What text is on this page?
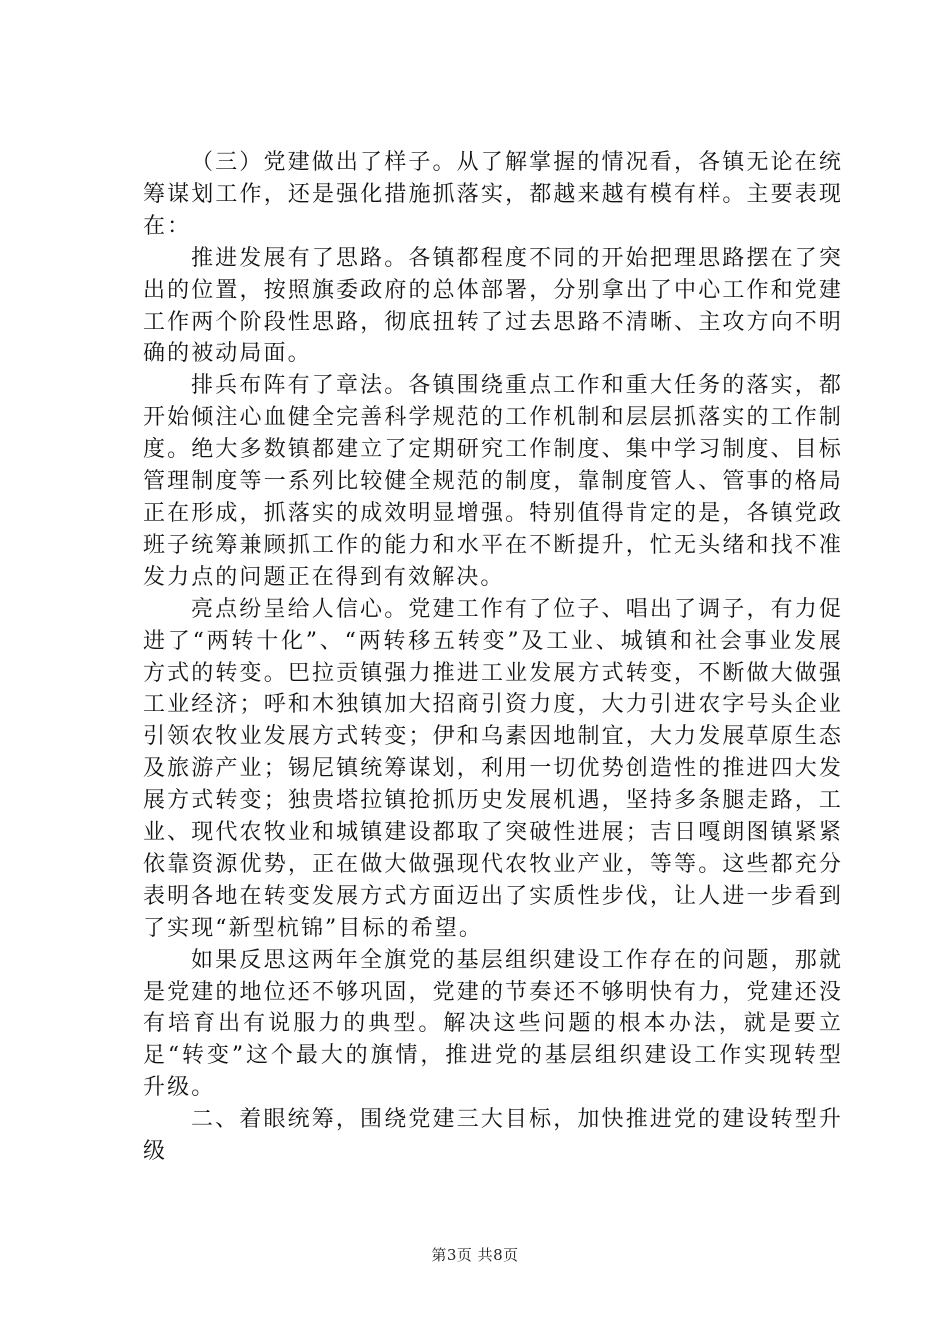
（三）党建做出了样子。从了解掌握的情况看，各镇无论在统筹谋划工作，还是强化措施抓落实，都越来越有模有样。主要表现在：

推进发展有了思路。各镇都程度不同的开始把理思路摆在了突出的位置，按照旗委政府的总体部署，分别拿出了中心工作和党建工作两个阶段性思路，彻底扭转了过去思路不清晰、主攻方向不明确的被动局面。

排兵布阵有了章法。各镇围绕重点工作和重大任务的落实，都开始倾注心血健全完善科学规范的工作机制和层层抓落实的工作制度。绝大多数镇都建立了定期研究工作制度、集中学习制度、目标管理制度等一系列比较健全规范的制度，靠制度管人、管事的格局正在形成，抓落实的成效明显增强。特别值得肯定的是，各镇党政班子统筹兼顾抓工作的能力和水平在不断提升，忙无头绪和找不准发力点的问题正在得到有效解决。

亮点纷呈给人信心。党建工作有了位子、唱出了调子，有力促进了“两转十化”、“两转移五转变”及工业、城镇和社会事业发展方式的转变。巴拉贡镇强力推进工业发展方式转变，不断做大做强工业经济；呼和木独镇加大招商引资力度，大力引进农字号头企业引领农牧业发展方式转变；伊和乌素因地制宜，大力发展草原生态及旅游产业；锡尼镇统筹谋划，利用一切优势创造性的推进四大发展方式转变；独贵塔拉镇抢抓历史发展机遇，坚持多条腿走路，工业、现代农牧业和城镇建设都取了突破性进展；吉日嘎朗图镇紧紧依靠资源优势，正在做大做强现代农牧业产业，等等。这些都充分表明各地在转变发展方式方面迈出了实质性步伐，让人进一步看到了实现“新型杭锦”目标的希望。

如果反思这两年全旗党的基层组织建设工作存在的问题，那就是党建的地位还不够巩固，党建的节奏还不够明快有力，党建还没有培育出有说服力的典型。解决这些问题的根本办法，就是要立足“转变”这个最大的旗情，推进党的基层组织建设工作实现转型升级。

二、着眼统筹，围绕党建三大目标，加快推进党的建设转型升级

第3页 共8页
